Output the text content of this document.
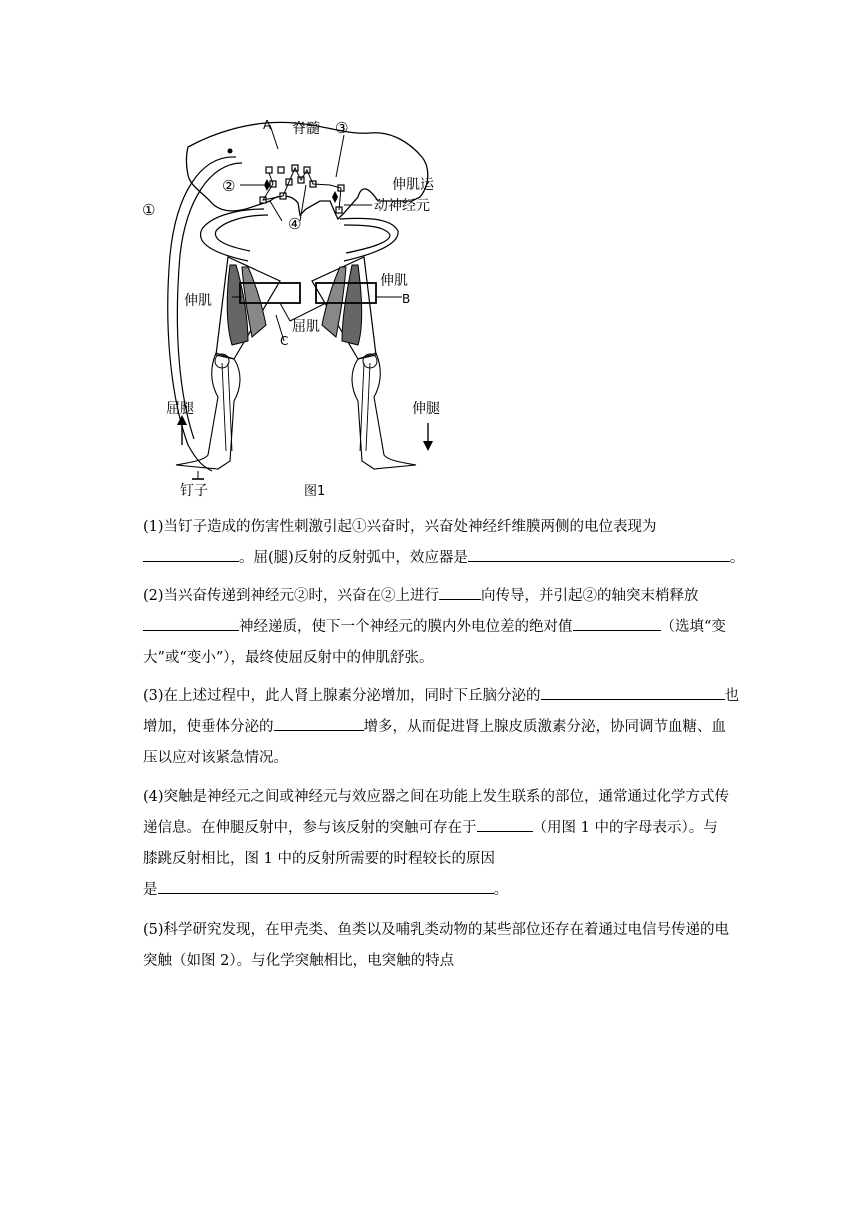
A 脊髓 ③
①
②
④
伸肌运
动神经元
伸肌
B
伸肌
屈肌
C
屈腿	伸腿
钉子	图1

(1)当钉子造成的伤害性刺激引起①兴奋时，兴奋处神经纤维膜两侧的电位表现为

。屈(腿)反射的反射弧中，效应器是	。

(2)当兴奋传递到神经元②时，兴奋在②上进行	向传导，并引起②的轴突末梢释放

神经递质，使下一个神经元的膜内外电位差的绝对值	（选填“变

大”或“变小”），最终使屈反射中的伸肌舒张。

(3)在上述过程中，此人肾上腺素分泌增加，同时下丘脑分泌的	也

增加，使垂体分泌的	增多，从而促进肾上腺皮质激素分泌，协同调节血糖、血

压以应对该紧急情况。

(4)突触是神经元之间或神经元与效应器之间在功能上发生联系的部位，通常通过化学方式传

递信息。在伸腿反射中，参与该反射的突触可存在于	（用图 1 中的字母表示）。与

膝跳反射相比，图 1 中的反射所需要的时程较长的原因

是	。

(5)科学研究发现，在甲壳类、鱼类以及哺乳类动物的某些部位还存在着通过电信号传递的电

突触（如图 2）。与化学突触相比，电突触的特点
